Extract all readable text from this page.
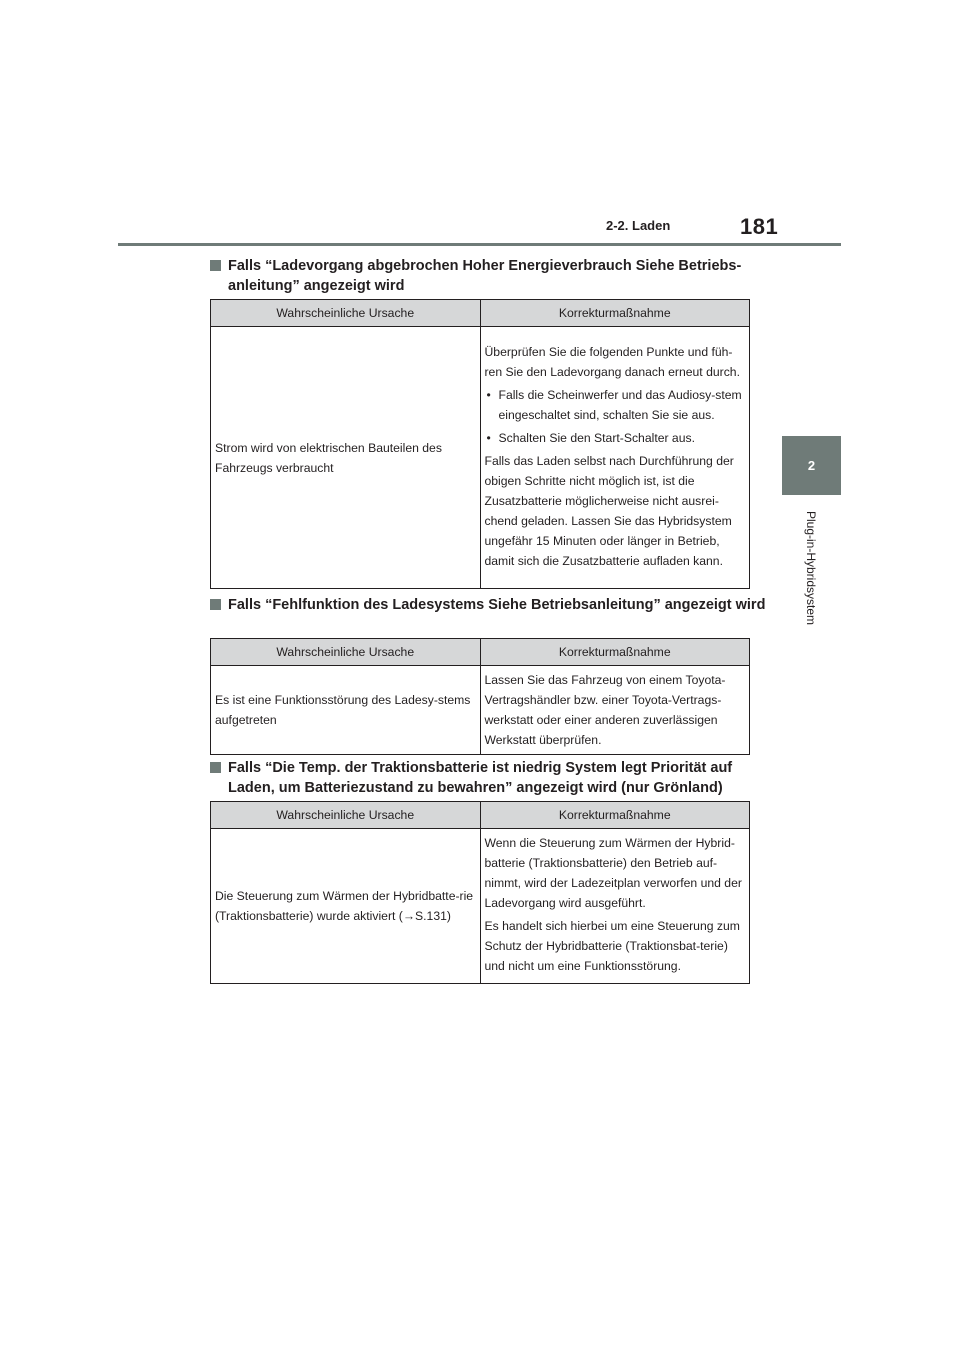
2-2. Laden	181
2
Plug-in-Hybridsystem
Falls “Ladevorgang abgebrochen Hoher Energieverbrauch Siehe Betriebs-anleitung” angezeigt wird
Wahrscheinliche Ursache	Korrekturmaßnahme
Strom wird von elektrischen Bauteilen des Fahrzeugs verbraucht	Überprüfen Sie die folgenden Punkte und füh-ren Sie den Ladevorgang danach erneut durch.
• Falls die Scheinwerfer und das Audiosy-stem eingeschaltet sind, schalten Sie sie aus.
• Schalten Sie den Start-Schalter aus.
Falls das Laden selbst nach Durchführung der obigen Schritte nicht möglich ist, ist die Zusatzbatterie möglicherweise nicht ausrei-chend geladen. Lassen Sie das Hybridsystem ungefähr 15 Minuten oder länger in Betrieb, damit sich die Zusatzbatterie aufladen kann.
Falls “Fehlfunktion des Ladesystems Siehe Betriebsanleitung” angezeigt wird
Wahrscheinliche Ursache	Korrekturmaßnahme
Es ist eine Funktionsstörung des Ladesy-stems aufgetreten	Lassen Sie das Fahrzeug von einem Toyota-Vertragshändler bzw. einer Toyota-Vertrags-werkstatt oder einer anderen zuverlässigen Werkstatt überprüfen.
Falls “Die Temp. der Traktionsbatterie ist niedrig System legt Priorität auf Laden, um Batteriezustand zu bewahren” angezeigt wird (nur Grönland)
Wahrscheinliche Ursache	Korrekturmaßnahme
Die Steuerung zum Wärmen der Hybridbatte-rie (Traktionsbatterie) wurde aktiviert (→S.131)	Wenn die Steuerung zum Wärmen der Hybrid-batterie (Traktionsbatterie) den Betrieb auf-nimmt, wird der Ladezeitplan verworfen und der Ladevorgang wird ausgeführt.
Es handelt sich hierbei um eine Steuerung zum Schutz der Hybridbatterie (Traktionsbat-terie) und nicht um eine Funktionsstörung.
